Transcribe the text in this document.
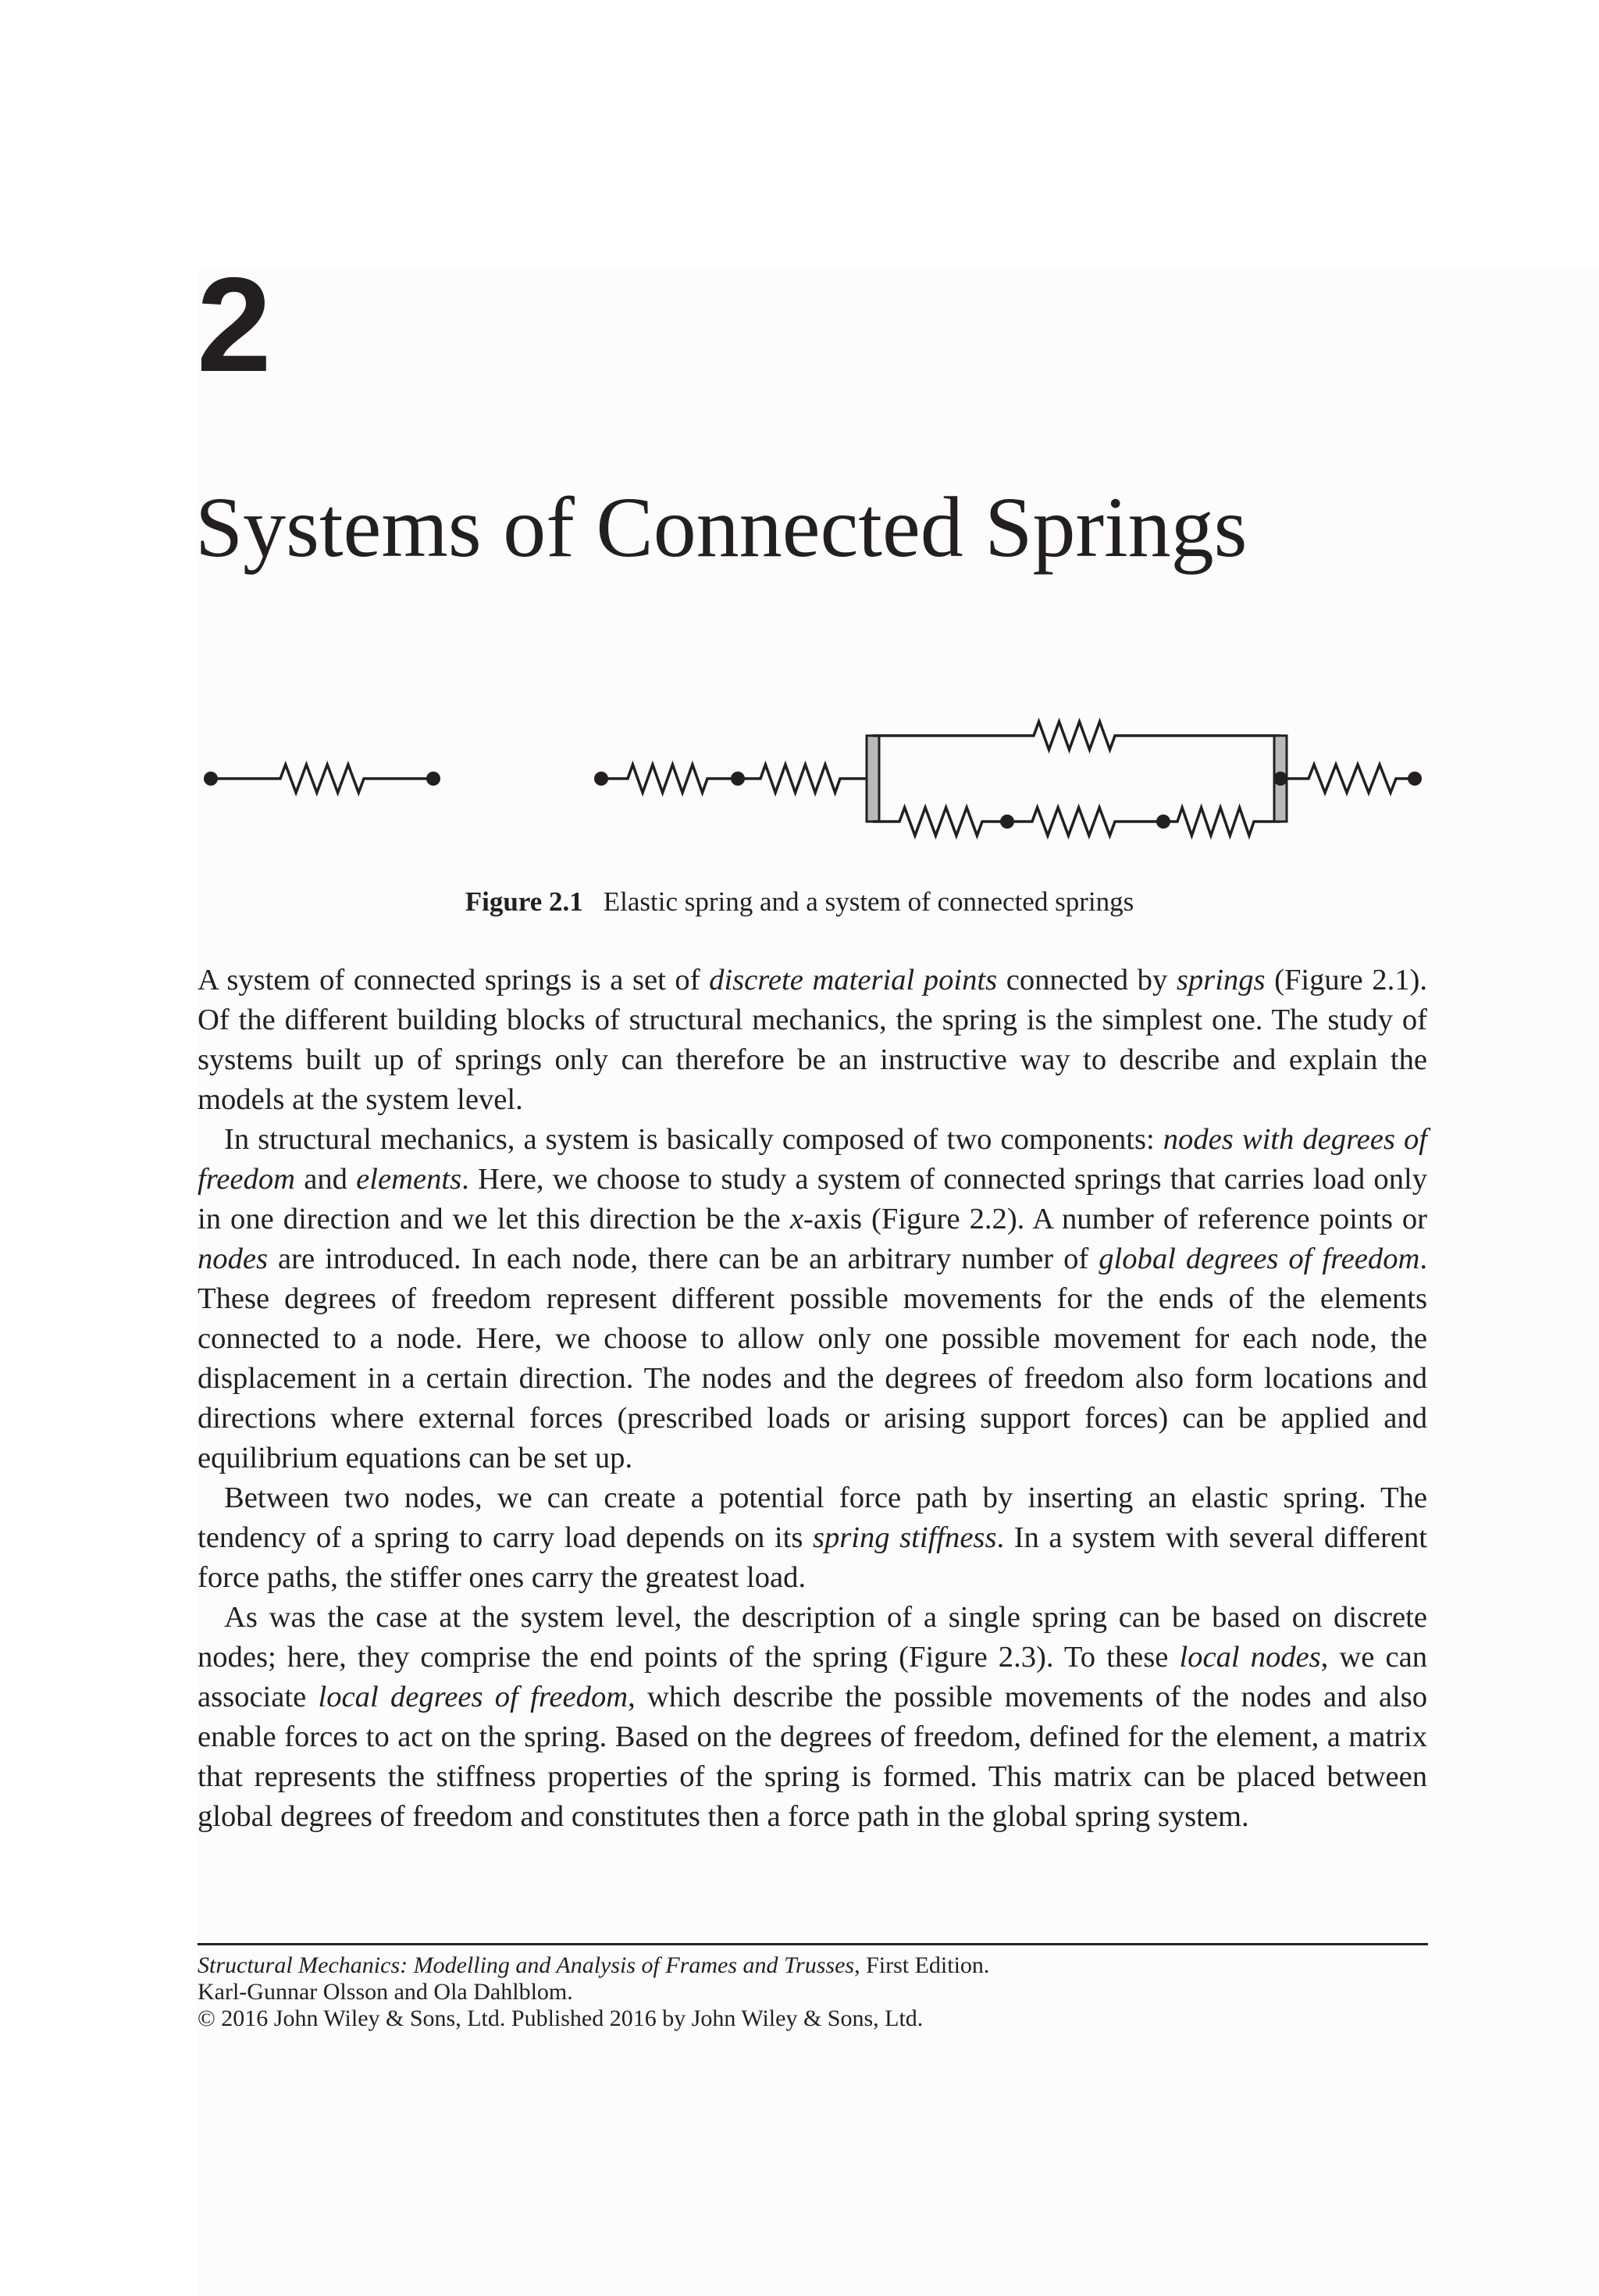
2
Systems of Connected Springs
Figure 2.1 Elastic spring and a system of connected springs

A system of connected springs is a set of discrete material points connected by springs (Figure 2.1). Of the different building blocks of structural mechanics, the spring is the simplest one. The study of systems built up of springs only can therefore be an instructive way to describe and explain the models at the system level.

In structural mechanics, a system is basically composed of two components: nodes with degrees of freedom and elements. Here, we choose to study a system of connected springs that carries load only in one direction and we let this direction be the x-axis (Figure 2.2). A number of reference points or nodes are introduced. In each node, there can be an arbitrary number of global degrees of freedom. These degrees of freedom represent different possible movements for the ends of the elements connected to a node. Here, we choose to allow only one possible movement for each node, the displacement in a certain direction. The nodes and the degrees of freedom also form locations and directions where external forces (prescribed loads or arising support forces) can be applied and equilibrium equations can be set up.

Between two nodes, we can create a potential force path by inserting an elastic spring. The tendency of a spring to carry load depends on its spring stiffness. In a system with several different force paths, the stiffer ones carry the greatest load.

As was the case at the system level, the description of a single spring can be based on discrete nodes; here, they comprise the end points of the spring (Figure 2.3). To these local nodes, we can associate local degrees of freedom, which describe the possible movements of the nodes and also enable forces to act on the spring. Based on the degrees of freedom, defined for the element, a matrix that represents the stiffness properties of the spring is formed. This matrix can be placed between global degrees of freedom and constitutes then a force path in the global spring system.

Structural Mechanics: Modelling and Analysis of Frames and Trusses, First Edition.
Karl-Gunnar Olsson and Ola Dahlblom.
© 2016 John Wiley & Sons, Ltd. Published 2016 by John Wiley & Sons, Ltd.
